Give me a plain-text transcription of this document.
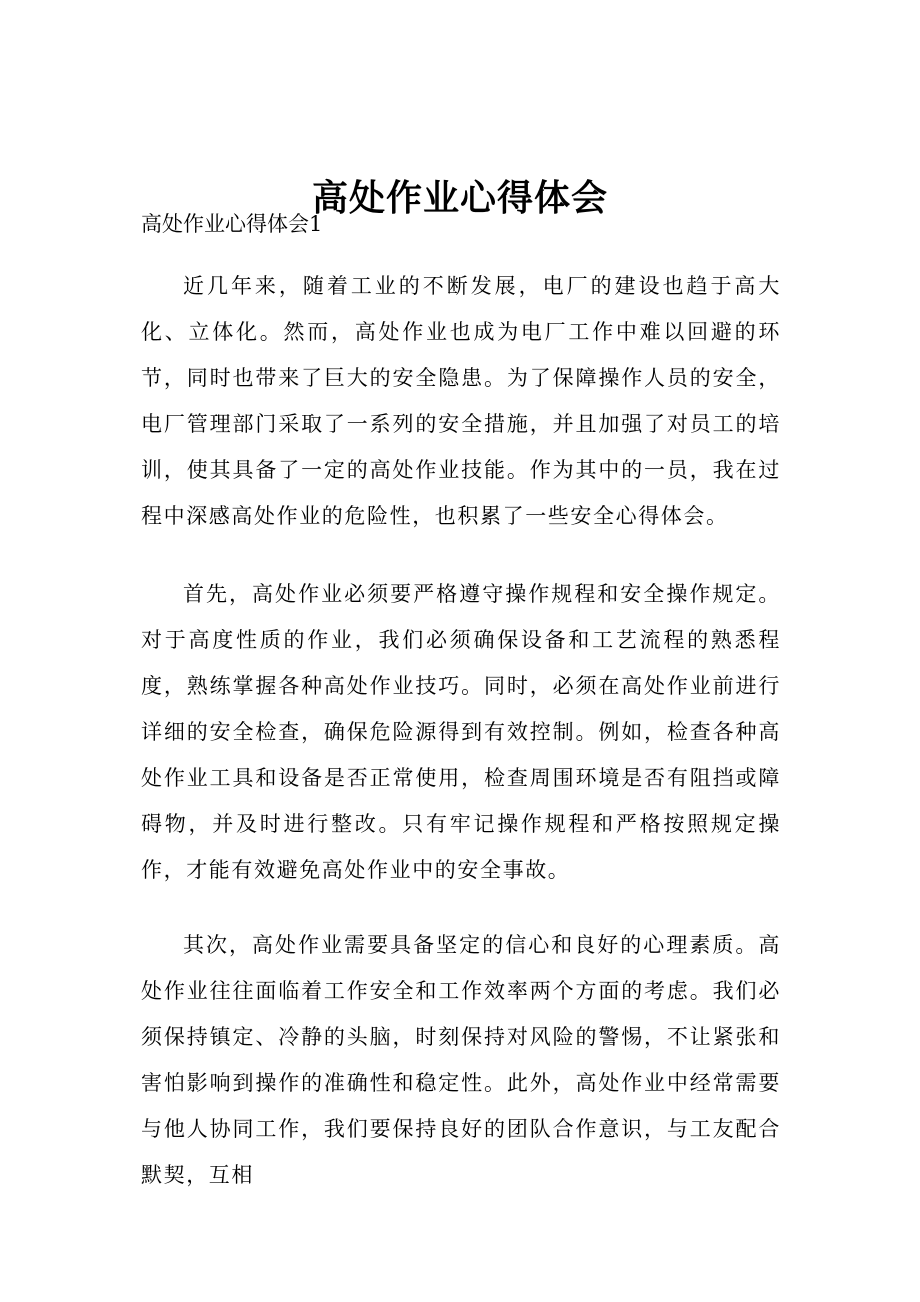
高处作业心得体会
高处作业心得体会1

近几年来，随着工业的不断发展，电厂的建设也趋于高大化、立体化。然而，高处作业也成为电厂工作中难以回避的环节，同时也带来了巨大的安全隐患。为了保障操作人员的安全，电厂管理部门采取了一系列的安全措施，并且加强了对员工的培训，使其具备了一定的高处作业技能。作为其中的一员，我在过程中深感高处作业的危险性，也积累了一些安全心得体会。

首先，高处作业必须要严格遵守操作规程和安全操作规定。对于高度性质的作业，我们必须确保设备和工艺流程的熟悉程度，熟练掌握各种高处作业技巧。同时，必须在高处作业前进行详细的安全检查，确保危险源得到有效控制。例如，检查各种高处作业工具和设备是否正常使用，检查周围环境是否有阻挡或障碍物，并及时进行整改。只有牢记操作规程和严格按照规定操作，才能有效避免高处作业中的安全事故。

其次，高处作业需要具备坚定的信心和良好的心理素质。高处作业往往面临着工作安全和工作效率两个方面的考虑。我们必须保持镇定、冷静的头脑，时刻保持对风险的警惕，不让紧张和害怕影响到操作的准确性和稳定性。此外，高处作业中经常需要与他人协同工作，我们要保持良好的团队合作意识，与工友配合默契，互相
